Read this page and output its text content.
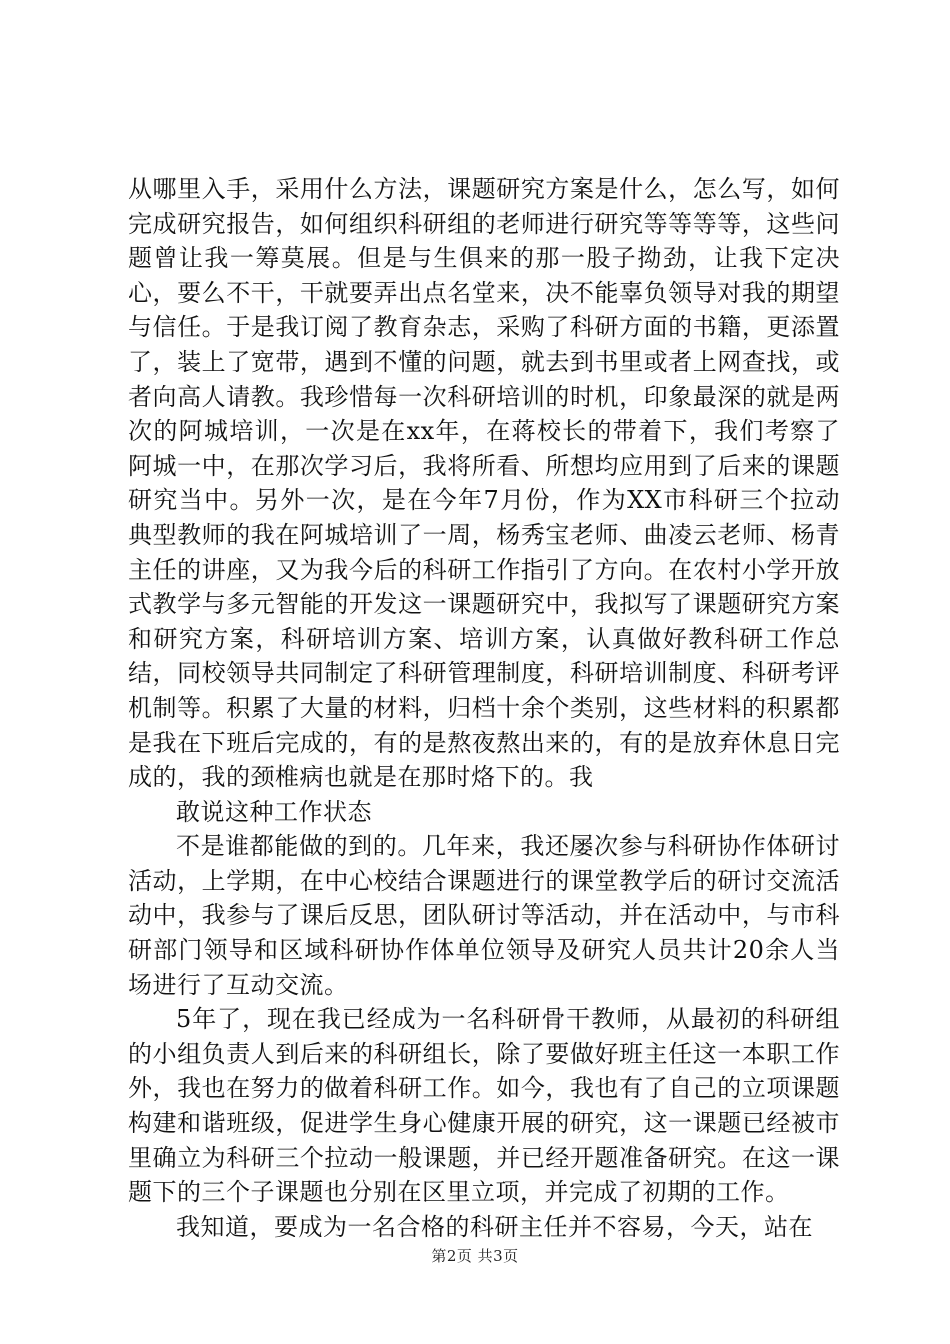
从哪里入手，采用什么方法，课题研究方案是什么，怎么写，如何完成研究报告，如何组织科研组的老师进行研究等等等等，这些问题曾让我一筹莫展。但是与生俱来的那一股子拗劲，让我下定决心，要么不干，干就要弄出点名堂来，决不能辜负领导对我的期望与信任。于是我订阅了教育杂志，采购了科研方面的书籍，更添置了，装上了宽带，遇到不懂的问题，就去到书里或者上网查找，或者向高人请教。我珍惜每一次科研培训的时机，印象最深的就是两次的阿城培训，一次是在xx年，在蒋校长的带着下，我们考察了阿城一中，在那次学习后，我将所看、所想均应用到了后来的课题研究当中。另外一次，是在今年7月份，作为XX市科研三个拉动典型教师的我在阿城培训了一周，杨秀宝老师、曲凌云老师、杨青主任的讲座，又为我今后的科研工作指引了方向。在农村小学开放式教学与多元智能的开发这一课题研究中，我拟写了课题研究方案和研究方案，科研培训方案、培训方案，认真做好教科研工作总结，同校领导共同制定了科研管理制度，科研培训制度、科研考评机制等。积累了大量的材料，归档十余个类别，这些材料的积累都是我在下班后完成的，有的是熬夜熬出来的，有的是放弃休息日完成的，我的颈椎病也就是在那时烙下的。我

敢说这种工作状态

不是谁都能做的到的。几年来，我还屡次参与科研协作体研讨活动，上学期，在中心校结合课题进行的课堂教学后的研讨交流活动中，我参与了课后反思，团队研讨等活动，并在活动中，与市科研部门领导和区域科研协作体单位领导及研究人员共计20余人当场进行了互动交流。

5年了，现在我已经成为一名科研骨干教师，从最初的科研组的小组负责人到后来的科研组长，除了要做好班主任这一本职工作外，我也在努力的做着科研工作。如今，我也有了自己的立项课题构建和谐班级，促进学生身心健康开展的研究，这一课题已经被市里确立为科研三个拉动一般课题，并已经开题准备研究。在这一课题下的三个子课题也分别在区里立项，并完成了初期的工作。

我知道，要成为一名合格的科研主任并不容易，今天，站在

第2页 共3页
